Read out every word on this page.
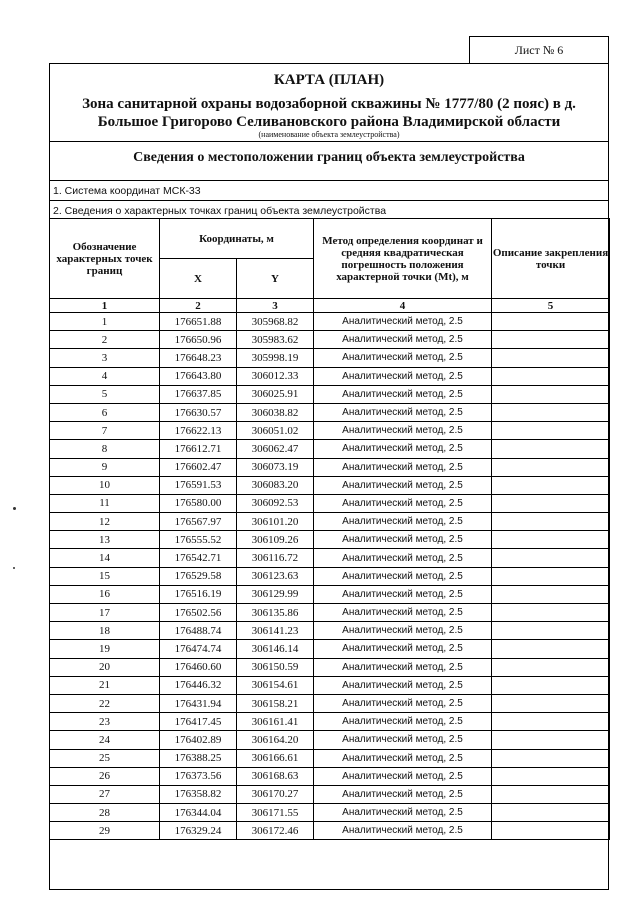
Лист № 6
КАРТА (ПЛАН)
Зона санитарной охраны водозаборной скважины № 1777/80 (2 пояс) в д. Большое Григорово Селивановского района Владимирской области
(наименование объекта землеустройства)
Сведения о местоположении границ объекта землеустройства
1. Система координат МСК-33
2. Сведения о характерных точках границ объекта землеустройства
Обозначение характерных точек границ	Координаты, м		Метод определения координат и средняя квадратическая погрешность положения характерной точки (Mt), м	Описание закрепления точки
	X	Y		
1	2	3	4	5
1	176651.88	305968.82	Аналитический метод, 2.5	
2	176650.96	305983.62	Аналитический метод, 2.5	
3	176648.23	305998.19	Аналитический метод, 2.5	
4	176643.80	306012.33	Аналитический метод, 2.5	
5	176637.85	306025.91	Аналитический метод, 2.5	
6	176630.57	306038.82	Аналитический метод, 2.5	
7	176622.13	306051.02	Аналитический метод, 2.5	
8	176612.71	306062.47	Аналитический метод, 2.5	
9	176602.47	306073.19	Аналитический метод, 2.5	
10	176591.53	306083.20	Аналитический метод, 2.5	
11	176580.00	306092.53	Аналитический метод, 2.5	
12	176567.97	306101.20	Аналитический метод, 2.5	
13	176555.52	306109.26	Аналитический метод, 2.5	
14	176542.71	306116.72	Аналитический метод, 2.5	
15	176529.58	306123.63	Аналитический метод, 2.5	
16	176516.19	306129.99	Аналитический метод, 2.5	
17	176502.56	306135.86	Аналитический метод, 2.5	
18	176488.74	306141.23	Аналитический метод, 2.5	
19	176474.74	306146.14	Аналитический метод, 2.5	
20	176460.60	306150.59	Аналитический метод, 2.5	
21	176446.32	306154.61	Аналитический метод, 2.5	
22	176431.94	306158.21	Аналитический метод, 2.5	
23	176417.45	306161.41	Аналитический метод, 2.5	
24	176402.89	306164.20	Аналитический метод, 2.5	
25	176388.25	306166.61	Аналитический метод, 2.5	
26	176373.56	306168.63	Аналитический метод, 2.5	
27	176358.82	306170.27	Аналитический метод, 2.5	
28	176344.04	306171.55	Аналитический метод, 2.5	
29	176329.24	306172.46	Аналитический метод, 2.5	
